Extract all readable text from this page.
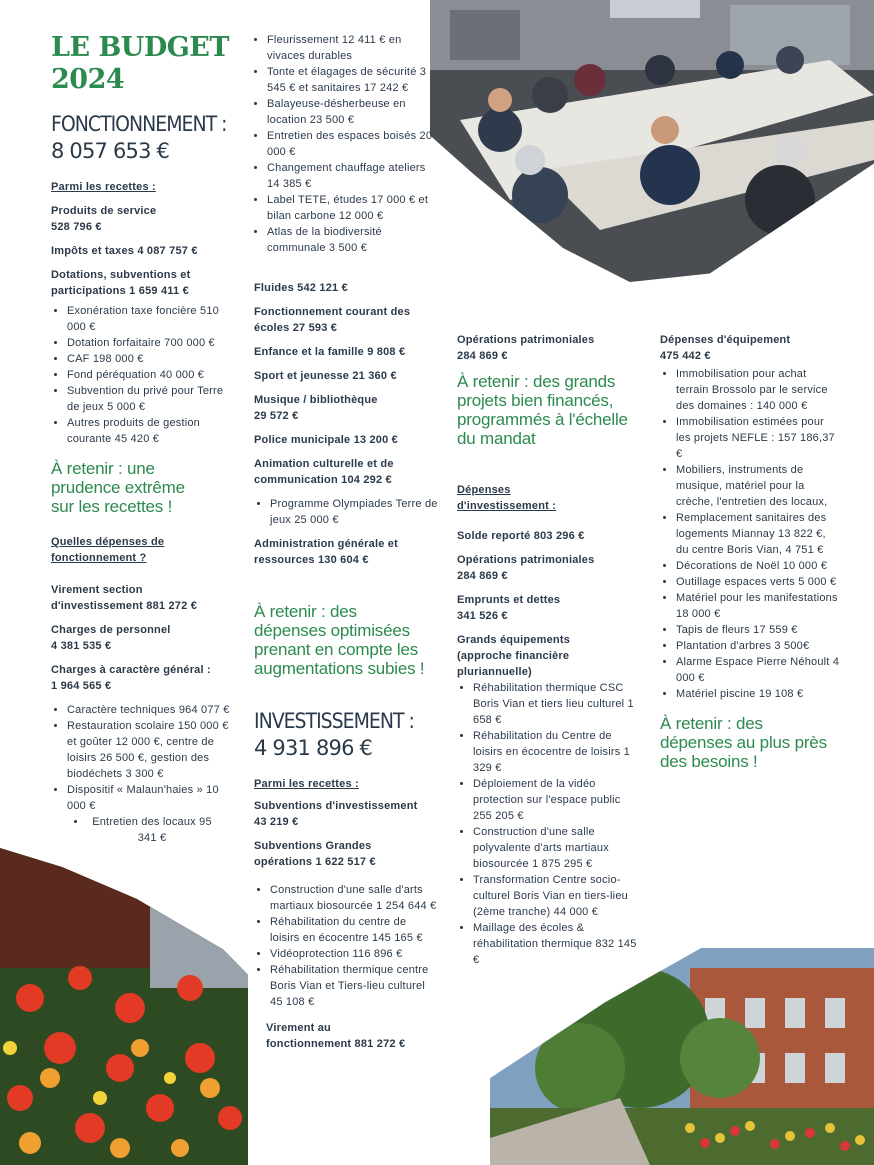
LE BUDGET 2024
FONCTIONNEMENT :
8 057 653 €
Parmi les recettes :
Produits de service
528 796 €
Impôts et taxes 4 087 757 €
Dotations, subventions et
participations 1 659 411 €
• Exonération taxe foncière 510 000 €
• Dotation forfaitaire 700 000 €
• CAF 198 000 €
• Fond péréquation 40 000 €
• Subvention du privé pour Terre de jeux 5 000 €
• Autres produits de gestion courante 45 420 €
À retenir : une prudence extrême sur les recettes !
Quelles dépenses de
fonctionnement ?
Virement section
d'investissement 881 272 €
Charges de personnel
4 381 535 €
Charges à caractère général :
1 964 565 €
• Caractère techniques 964 077 €
• Restauration scolaire 150 000 € et goûter 12 000 €, centre de loisirs 26 500 €, gestion des biodéchets 3 300 €
• Dispositif « Malaun'haies » 10 000 €
• Entretien des locaux 95 341 €
• Fleurissement 12 411 € en vivaces durables
• Tonte et élagages de sécurité 3 545 € et sanitaires 17 242 €
• Balayeuse-désherbeuse en location 23 500 €
• Entretien des espaces boisés 20 000 €
• Changement chauffage ateliers 14 385 €
• Label TETE, études 17 000 € et bilan carbone 12 000 €
• Atlas de la biodiversité communale 3 500 €
Fluides 542 121 €
Fonctionnement courant des
écoles 27 593 €
Enfance et la famille 9 808 €
Sport et jeunesse 21 360 €
Musique / bibliothèque
29 572 €
Police municipale 13 200 €
Animation culturelle et de
communication 104 292 €
• Programme Olympiades Terre de jeux 25 000 €
Administration générale et
ressources 130 604 €
À retenir : des dépenses optimisées prenant en compte les augmentations subies !
INVESTISSEMENT :
4 931 896 €
Parmi les recettes :
Subventions d'investissement
43 219 €
Subventions Grandes
opérations 1 622 517 €
• Construction d'une salle d'arts martiaux biosourcée 1 254 644 €
• Réhabilitation du centre de loisirs en écocentre 145 165 €
• Vidéoprotection 116 896 €
• Réhabilitation thermique centre Boris Vian et Tiers-lieu culturel 45 108 €
Virement au
fonctionnement 881 272 €
Opérations patrimoniales
284 869 €
À retenir : des grands projets bien financés, programmés à l'échelle du mandat
Dépenses
d'investissement :
Solde reporté 803 296 €
Opérations patrimoniales
284 869 €
Emprunts et dettes
341 526 €
Grands équipements
(approche financière
pluriannuelle)
• Réhabilitation thermique CSC Boris Vian et tiers lieu culturel 1 658 €
• Réhabilitation du Centre de loisirs en écocentre de loisirs 1 329 €
• Déploiement de la vidéo protection sur l'espace public 255 205 €
• Construction d'une salle polyvalente d'arts martiaux biosourcée 1 875 295 €
• Transformation Centre socio-culturel Boris Vian en tiers-lieu (2ème tranche) 44 000 €
• Maillage des écoles & réhabilitation thermique 832 145 €
Dépenses d'équipement
475 442 €
• Immobilisation pour achat terrain Brossolo par le service des domaines : 140 000 €
• Immobilisation estimées pour les projets NEFLE : 157 186,37 €
• Mobiliers, instruments de musique, matériel pour la crèche, l'entretien des locaux,
• Remplacement sanitaires des logements Miannay 13 822 €, du centre Boris Vian, 4 751 €
• Décorations de Noël 10 000 €
• Outillage espaces verts 5 000 €
• Matériel pour les manifestations 18 000 €
• Tapis de fleurs 17 559 €
• Plantation d'arbres 3 500€
• Alarme Espace Pierre Néhoult 4 000 €
• Matériel piscine 19 108 €
À retenir : des dépenses au plus près des besoins !
